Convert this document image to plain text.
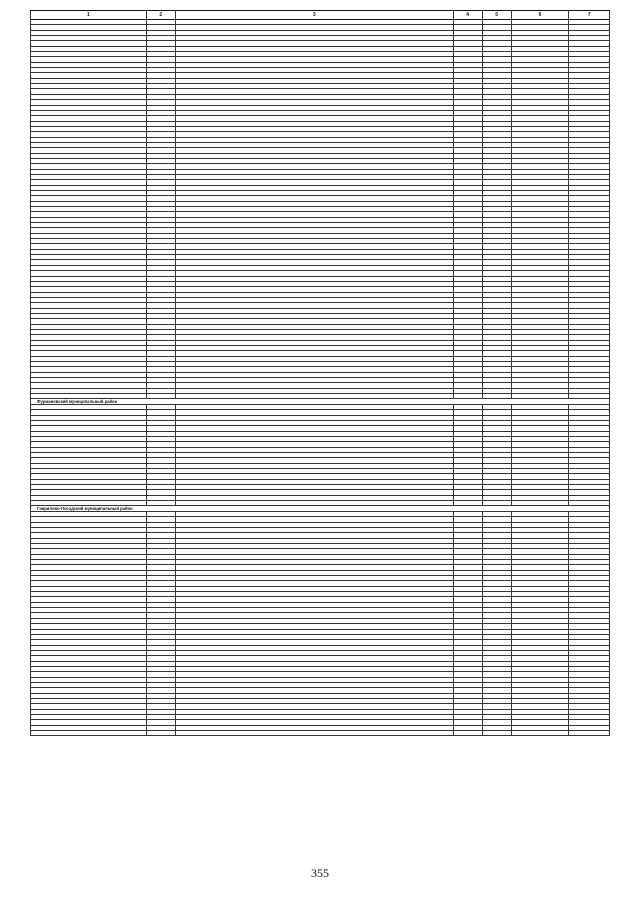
1	2	3	4	5	6	7

Фурмановский муниципальный район						

Гаврилово-Посадский муниципальный район						

355
